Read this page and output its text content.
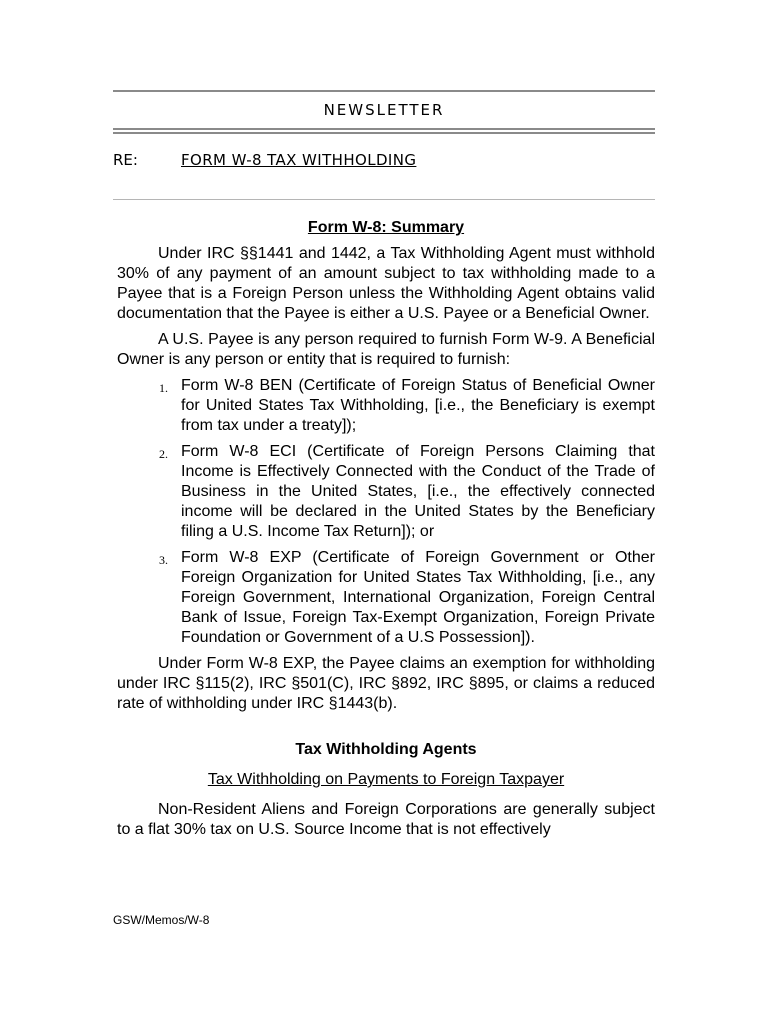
NEWSLETTER
RE:	FORM W-8 TAX WITHHOLDING
Form W-8: Summary

Under IRC §§1441 and 1442, a Tax Withholding Agent must withhold 30% of any payment of an amount subject to tax withholding made to a Payee that is a Foreign Person unless the Withholding Agent obtains valid documentation that the Payee is either a U.S. Payee or a Beneficial Owner.

A U.S. Payee is any person required to furnish Form W-9. A Beneficial Owner is any person or entity that is required to furnish:

1. Form W-8 BEN (Certificate of Foreign Status of Beneficial Owner for United States Tax Withholding, [i.e., the Beneficiary is exempt from tax under a treaty]);
2. Form W-8 ECI (Certificate of Foreign Persons Claiming that Income is Effectively Connected with the Conduct of the Trade of Business in the United States, [i.e., the effectively connected income will be declared in the United States by the Beneficiary filing a U.S. Income Tax Return]); or
3. Form W-8 EXP (Certificate of Foreign Government or Other Foreign Organization for United States Tax Withholding, [i.e., any Foreign Government, International Organization, Foreign Central Bank of Issue, Foreign Tax-Exempt Organization, Foreign Private Foundation or Government of a U.S Possession]).

Under Form W-8 EXP, the Payee claims an exemption for withholding under IRC §115(2), IRC §501(C), IRC §892, IRC §895, or claims a reduced rate of withholding under IRC §1443(b).

Tax Withholding Agents
Tax Withholding on Payments to Foreign Taxpayer

Non-Resident Aliens and Foreign Corporations are generally subject to a flat 30% tax on U.S. Source Income that is not effectively

GSW/Memos/W-8
